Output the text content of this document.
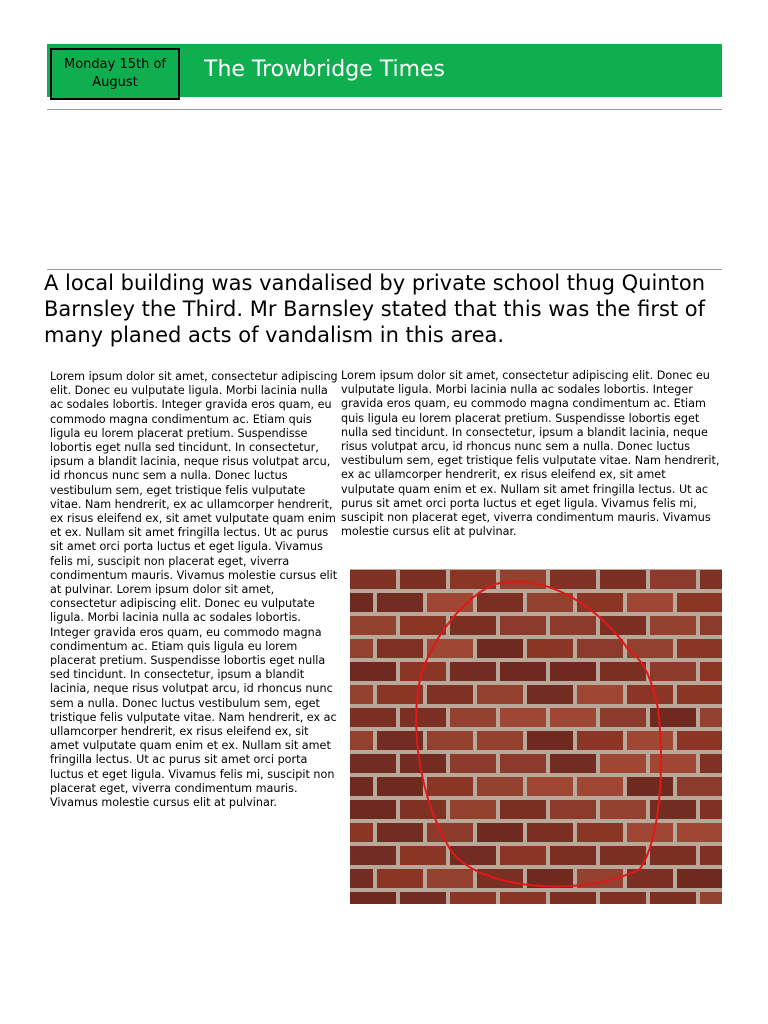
Monday 15th of August
The Trowbridge Times
A local building was vandalised by private school thug Quinton Barnsley the Third. Mr Barnsley stated that this was the first of many planed acts of vandalism in this area.

Lorem ipsum dolor sit amet, consectetur adipiscing elit. Donec eu vulputate ligula. Morbi lacinia nulla ac sodales lobortis. Integer gravida eros quam, eu commodo magna condimentum ac. Etiam quis ligula eu lorem placerat pretium. Suspendisse lobortis eget nulla sed tincidunt. In consectetur, ipsum a blandit lacinia, neque risus volutpat arcu, id rhoncus nunc sem a nulla. Donec luctus vestibulum sem, eget tristique felis vulputate vitae. Nam hendrerit, ex ac ullamcorper hendrerit, ex risus eleifend ex, sit amet vulputate quam enim et ex. Nullam sit amet fringilla lectus. Ut ac purus sit amet orci porta luctus et eget ligula. Vivamus felis mi, suscipit non placerat eget, viverra condimentum mauris. Vivamus molestie cursus elit at pulvinar. Lorem ipsum dolor sit amet, consectetur adipiscing elit. Donec eu vulputate ligula. Morbi lacinia nulla ac sodales lobortis. Integer gravida eros quam, eu commodo magna condimentum ac. Etiam quis ligula eu lorem placerat pretium. Suspendisse lobortis eget nulla sed tincidunt. In consectetur, ipsum a blandit lacinia, neque risus volutpat arcu, id rhoncus nunc sem a nulla. Donec luctus vestibulum sem, eget tristique felis vulputate vitae. Nam hendrerit, ex ac ullamcorper hendrerit, ex risus eleifend ex, sit amet vulputate quam enim et ex. Nullam sit amet fringilla lectus. Ut ac purus sit amet orci porta luctus et eget ligula. Vivamus felis mi, suscipit non placerat eget, viverra condimentum mauris. Vivamus molestie cursus elit at pulvinar.

Lorem ipsum dolor sit amet, consectetur adipiscing elit. Donec eu vulputate ligula. Morbi lacinia nulla ac sodales lobortis. Integer gravida eros quam, eu commodo magna condimentum ac. Etiam quis ligula eu lorem placerat pretium. Suspendisse lobortis eget nulla sed tincidunt. In consectetur, ipsum a blandit lacinia, neque risus volutpat arcu, id rhoncus nunc sem a nulla. Donec luctus vestibulum sem, eget tristique felis vulputate vitae. Nam hendrerit, ex ac ullamcorper hendrerit, ex risus eleifend ex, sit amet vulputate quam enim et ex. Nullam sit amet fringilla lectus. Ut ac purus sit amet orci porta luctus et eget ligula. Vivamus felis mi, suscipit non placerat eget, viverra condimentum mauris. Vivamus molestie cursus elit at pulvinar.
